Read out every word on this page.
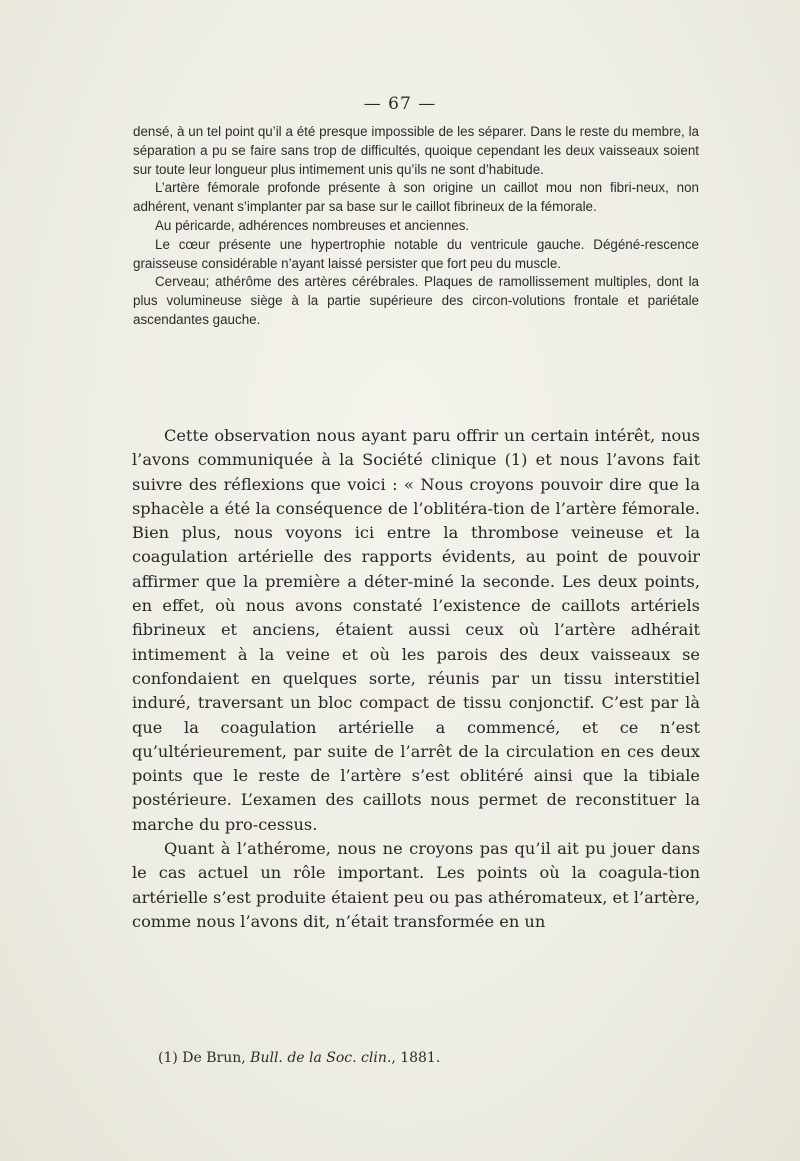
— 67 —

densé, à un tel point qu’il a été presque impossible de les séparer. Dans le reste du membre, la séparation a pu se faire sans trop de difficultés, quoique cependant les deux vaisseaux soient sur toute leur longueur plus intimement unis qu’ils ne sont d’habitude.

L’artère fémorale profonde présente à son origine un caillot mou non fibri-neux, non adhérent, venant s’implanter par sa base sur le caillot fibrineux de la fémorale.

Au péricarde, adhérences nombreuses et anciennes.

Le cœur présente une hypertrophie notable du ventricule gauche. Dégéné-rescence graisseuse considérable n’ayant laissé persister que fort peu du muscle.

Cerveau; athérôme des artères cérébrales. Plaques de ramollissement multiples, dont la plus volumineuse siège à la partie supérieure des circon-volutions frontale et pariétale ascendantes gauche.

Cette observation nous ayant paru offrir un certain intérêt, nous l’avons communiquée à la Société clinique (1) et nous l’avons fait suivre des réflexions que voici : « Nous croyons pouvoir dire que la sphacèle a été la conséquence de l’oblitéra-tion de l’artère fémorale. Bien plus, nous voyons ici entre la thrombose veineuse et la coagulation artérielle des rapports évidents, au point de pouvoir affirmer que la première a déter-miné la seconde. Les deux points, en effet, où nous avons constaté l’existence de caillots artériels fibrineux et anciens, étaient aussi ceux où l’artère adhérait intimement à la veine et où les parois des deux vaisseaux se confondaient en quelques sorte, réunis par un tissu interstitiel induré, traversant un bloc compact de tissu conjonctif. C’est par là que la coagulation artérielle a commencé, et ce n’est qu’ultérieurement, par suite de l’arrêt de la circulation en ces deux points que le reste de l’artère s’est oblitéré ainsi que la tibiale postérieure. L’examen des caillots nous permet de reconstituer la marche du pro-cessus.

Quant à l’athérome, nous ne croyons pas qu’il ait pu jouer dans le cas actuel un rôle important. Les points où la coagula-tion artérielle s’est produite étaient peu ou pas athéromateux, et l’artère, comme nous l’avons dit, n’était transformée en un

(1) De Brun, Bull. de la Soc. clin., 1881.
